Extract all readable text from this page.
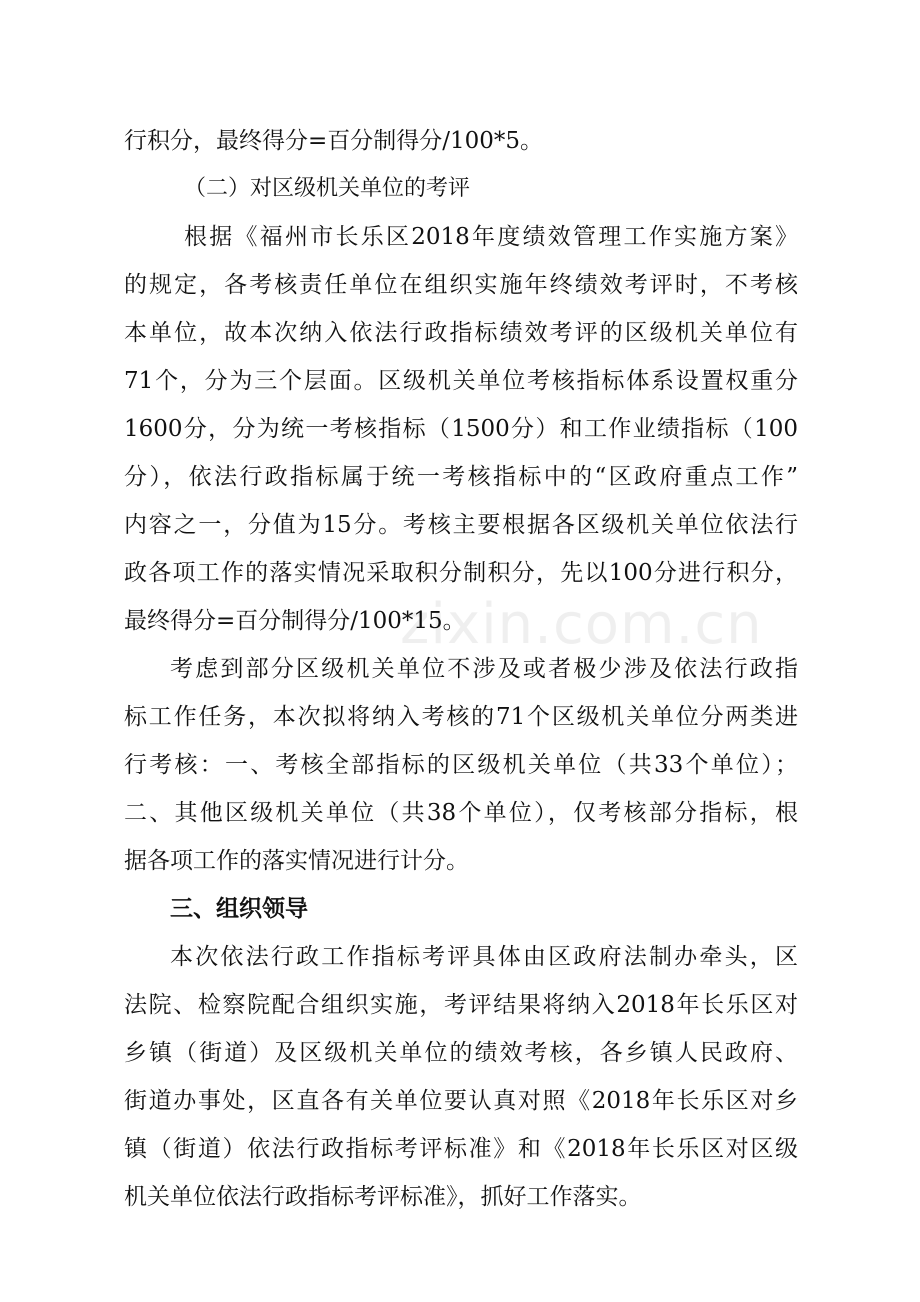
zixin.com.cn

行积分，最终得分=百分制得分/100*5。

（二）对区级机关单位的考评

根据《福州市长乐区2018年度绩效管理工作实施方案》
的规定，各考核责任单位在组织实施年终绩效考评时，不考核
本单位，故本次纳入依法行政指标绩效考评的区级机关单位有
71个，分为三个层面。区级机关单位考核指标体系设置权重分
1600分，分为统一考核指标（1500分）和工作业绩指标（100
分），依法行政指标属于统一考核指标中的“区政府重点工作”
内容之一，分值为15分。考核主要根据各区级机关单位依法行
政各项工作的落实情况采取积分制积分，先以100分进行积分，
最终得分=百分制得分/100*15。

考虑到部分区级机关单位不涉及或者极少涉及依法行政指
标工作任务，本次拟将纳入考核的71个区级机关单位分两类进
行考核：一、考核全部指标的区级机关单位（共33个单位）；
二、其他区级机关单位（共38个单位），仅考核部分指标，根
据各项工作的落实情况进行计分。

三、组织领导

本次依法行政工作指标考评具体由区政府法制办牵头，区
法院、检察院配合组织实施，考评结果将纳入2018年长乐区对
乡镇（街道）及区级机关单位的绩效考核，各乡镇人民政府、
街道办事处，区直各有关单位要认真对照《2018年长乐区对乡
镇（街道）依法行政指标考评标准》和《2018年长乐区对区级
机关单位依法行政指标考评标准》，抓好工作落实。
